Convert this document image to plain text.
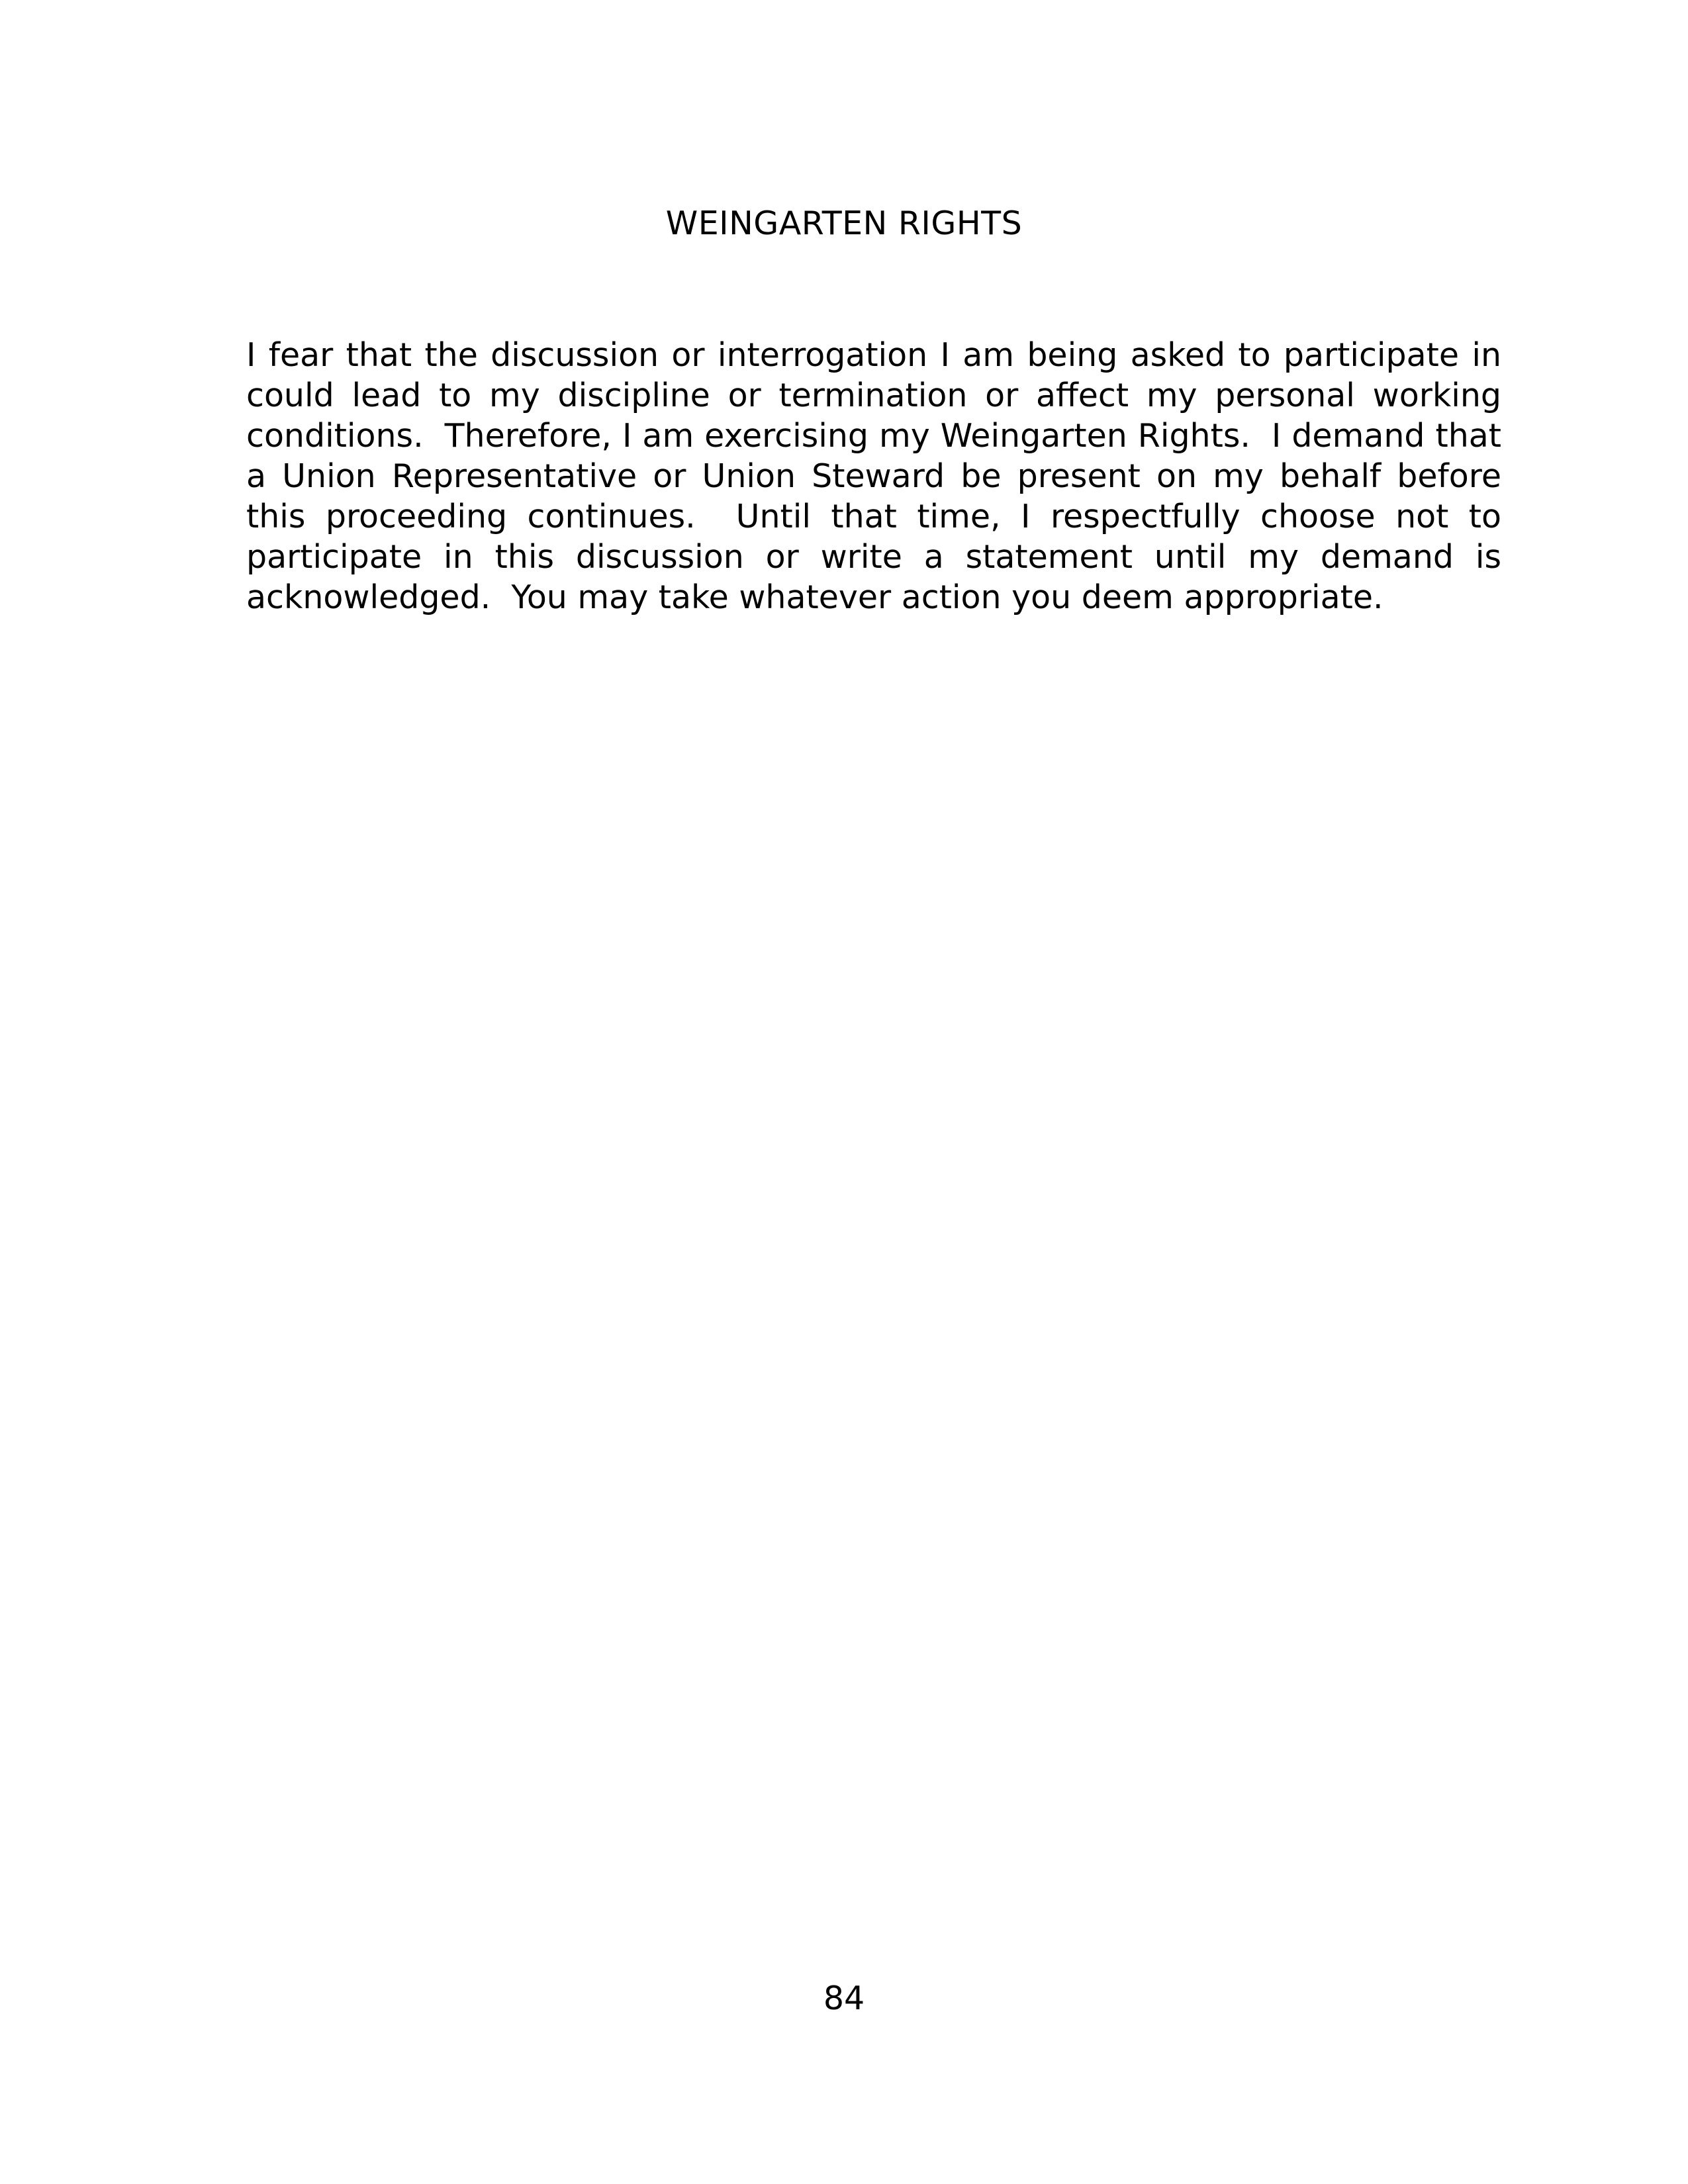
WEINGARTEN RIGHTS

I fear that the discussion or interrogation I am being asked to participate in could lead to my discipline or termination or affect my personal working conditions.  Therefore, I am exercising my Weingarten Rights.  I demand that a Union Representative or Union Steward be present on my behalf before this proceeding continues.  Until that time, I respectfully choose not to participate in this discussion or write a statement until my demand is acknowledged.  You may take whatever action you deem appropriate.

84
